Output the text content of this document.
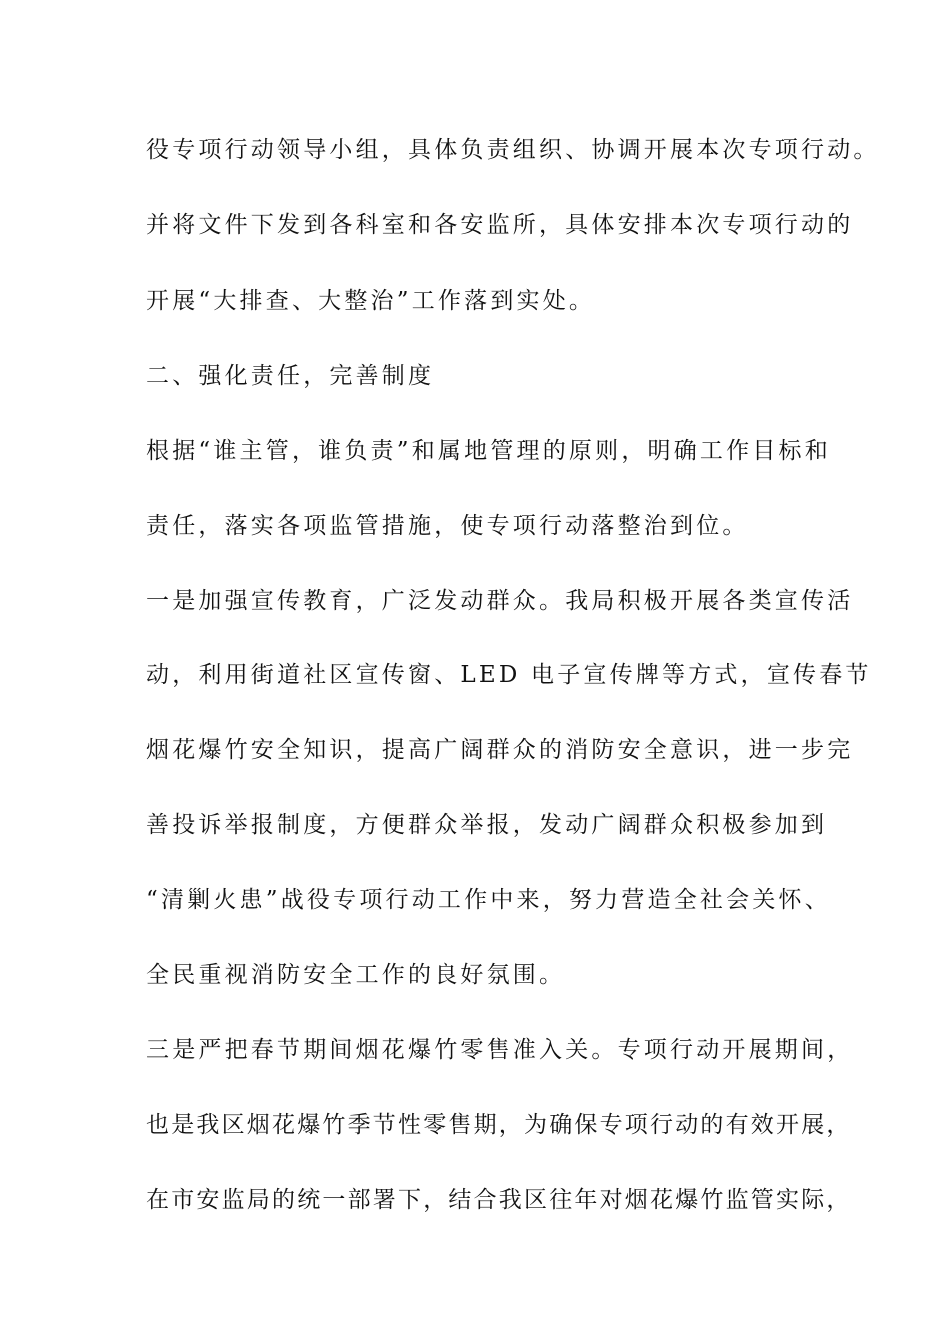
役专项行动领导小组，具体负责组织、协调开展本次专项行动。
并将文件下发到各科室和各安监所，具体安排本次专项行动的
开展“大排查、大整治”工作落到实处。
二、强化责任，完善制度
根据“谁主管，谁负责”和属地管理的原则，明确工作目标和
责任，落实各项监管措施，使专项行动落整治到位。
一是加强宣传教育，广泛发动群众。我局积极开展各类宣传活
动，利用街道社区宣传窗、LED 电子宣传牌等方式，宣传春节
烟花爆竹安全知识，提高广阔群众的消防安全意识，进一步完
善投诉举报制度，方便群众举报，发动广阔群众积极参加到
“清剿火患”战役专项行动工作中来，努力营造全社会关怀、
全民重视消防安全工作的良好氛围。
三是严把春节期间烟花爆竹零售准入关。专项行动开展期间，
也是我区烟花爆竹季节性零售期，为确保专项行动的有效开展，
在市安监局的统一部署下，结合我区往年对烟花爆竹监管实际，
